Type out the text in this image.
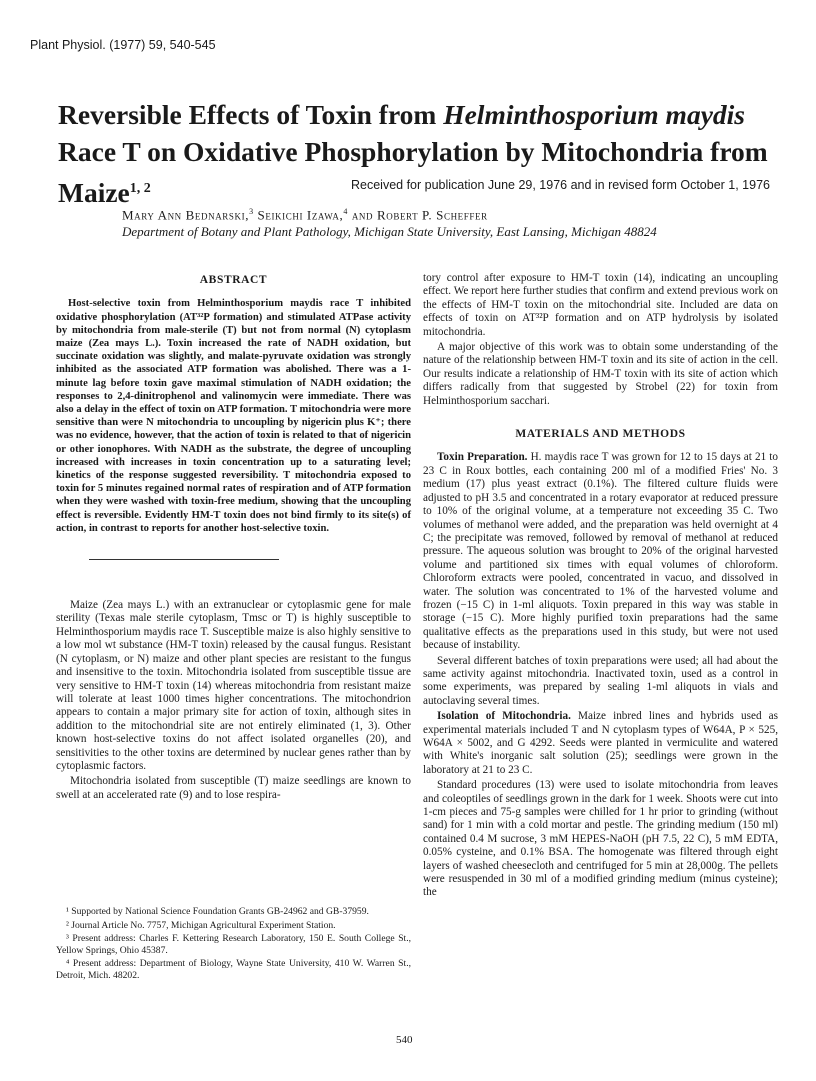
Plant Physiol. (1977) 59, 540-545
Reversible Effects of Toxin from Helminthosporium maydis Race T on Oxidative Phosphorylation by Mitochondria from Maize$^{1, 2}$	Received for publication June 29, 1976 and in revised form October 1, 1976
Mary Ann Bednarski,$^3$ Seikichi Izawa,$^4$ and Robert P. Scheffer
Department of Botany and Plant Pathology, Michigan State University, East Lansing, Michigan 48824
ABSTRACT

Host-selective toxin from Helminthosporium maydis race T inhibited oxidative phosphorylation (AT³²P formation) and stimulated ATPase activity by mitochondria from male-sterile (T) but not from normal (N) cytoplasm maize (Zea mays L.). Toxin increased the rate of NADH oxidation, but succinate oxidation was slightly, and malate-pyruvate oxidation was strongly inhibited as the associated ATP formation was abolished. There was a 1-minute lag before toxin gave maximal stimulation of NADH oxidation; the responses to 2,4-dinitrophenol and valinomycin were immediate. There was also a delay in the effect of toxin on ATP formation. T mitochondria were more sensitive than were N mitochondria to uncoupling by nigericin plus K⁺; there was no evidence, however, that the action of toxin is related to that of nigericin or other ionophores. With NADH as the substrate, the degree of uncoupling increased with increases in toxin concentration up to a saturating level; kinetics of the response suggested reversibility. T mitochondria exposed to toxin for 5 minutes regained normal rates of respiration and of ATP formation when they were washed with toxin-free medium, showing that the uncoupling effect is reversible. Evidently HM-T toxin does not bind firmly to its site(s) of action, in contrast to reports for another host-selective toxin.

Maize (Zea mays L.) with an extranuclear or cytoplasmic gene for male sterility (Texas male sterile cytoplasm, Tmsc or T) is highly susceptible to Helminthosporium maydis race T. Susceptible maize is also highly sensitive to a low mol wt substance (HM-T toxin) released by the causal fungus. Resistant (N cytoplasm, or N) maize and other plant species are resistant to the fungus and insensitive to the toxin. Mitochondria isolated from susceptible tissue are very sensitive to HM-T toxin (14) whereas mitochondria from resistant maize will tolerate at least 1000 times higher concentrations. The mitochondrion appears to contain a major primary site for action of toxin, although sites in addition to the mitochondrial site are not entirely eliminated (1, 3). Other known host-selective toxins do not affect isolated organelles (20), and sensitivities to the other toxins are determined by nuclear genes rather than by cytoplasmic factors.

Mitochondria isolated from susceptible (T) maize seedlings are known to swell at an accelerated rate (9) and to lose respira-

¹ Supported by National Science Foundation Grants GB-24962 and GB-37959.

² Journal Article No. 7757, Michigan Agricultural Experiment Station.

³ Present address: Charles F. Kettering Research Laboratory, 150 E. South College St., Yellow Springs, Ohio 45387.

⁴ Present address: Department of Biology, Wayne State University, 410 W. Warren St., Detroit, Mich. 48202.

tory control after exposure to HM-T toxin (14), indicating an uncoupling effect. We report here further studies that confirm and extend previous work on the effects of HM-T toxin on the mitochondrial site. Included are data on effects of toxin on AT³²P formation and on ATP hydrolysis by isolated mitochondria.

A major objective of this work was to obtain some understanding of the nature of the relationship between HM-T toxin and its site of action in the cell. Our results indicate a relationship of HM-T toxin with its site of action which differs radically from that suggested by Strobel (22) for toxin from Helminthosporium sacchari.

MATERIALS AND METHODS

Toxin Preparation. H. maydis race T was grown for 12 to 15 days at 21 to 23 C in Roux bottles, each containing 200 ml of a modified Fries' No. 3 medium (17) plus yeast extract (0.1%). The filtered culture fluids were adjusted to pH 3.5 and concentrated in a rotary evaporator at reduced pressure to 10% of the original volume, at a temperature not exceeding 35 C. Two volumes of methanol were added, and the preparation was held overnight at 4 C; the precipitate was removed, followed by removal of methanol at reduced pressure. The aqueous solution was brought to 20% of the original harvested volume and partitioned six times with equal volumes of chloroform. Chloroform extracts were pooled, concentrated in vacuo, and dissolved in water. The solution was concentrated to 1% of the harvested volume and frozen (−15 C) in 1-ml aliquots. Toxin prepared in this way was stable in storage (−15 C). More highly purified toxin preparations had the same qualitative effects as the preparations used in this study, but were not used because of instability.

Several different batches of toxin preparations were used; all had about the same activity against mitochondria. Inactivated toxin, used as a control in some experiments, was prepared by sealing 1-ml aliquots in vials and autoclaving several times.

Isolation of Mitochondria. Maize inbred lines and hybrids used as experimental materials included T and N cytoplasm types of W64A, P × 525, W64A × 5002, and G 4292. Seeds were planted in vermiculite and watered with White's inorganic salt solution (25); seedlings were grown in the laboratory at 21 to 23 C.

Standard procedures (13) were used to isolate mitochondria from leaves and coleoptiles of seedlings grown in the dark for 1 week. Shoots were cut into 1-cm pieces and 75-g samples were chilled for 1 hr prior to grinding (without sand) for 1 min with a cold mortar and pestle. The grinding medium (150 ml) contained 0.4 M sucrose, 3 mM HEPES-NaOH (pH 7.5, 22 C), 5 mM EDTA, 0.05% cysteine, and 0.1% BSA. The homogenate was filtered through eight layers of washed cheesecloth and centrifuged for 5 min at 28,000g. The pellets were resuspended in 30 ml of a modified grinding medium (minus cysteine); the

540
